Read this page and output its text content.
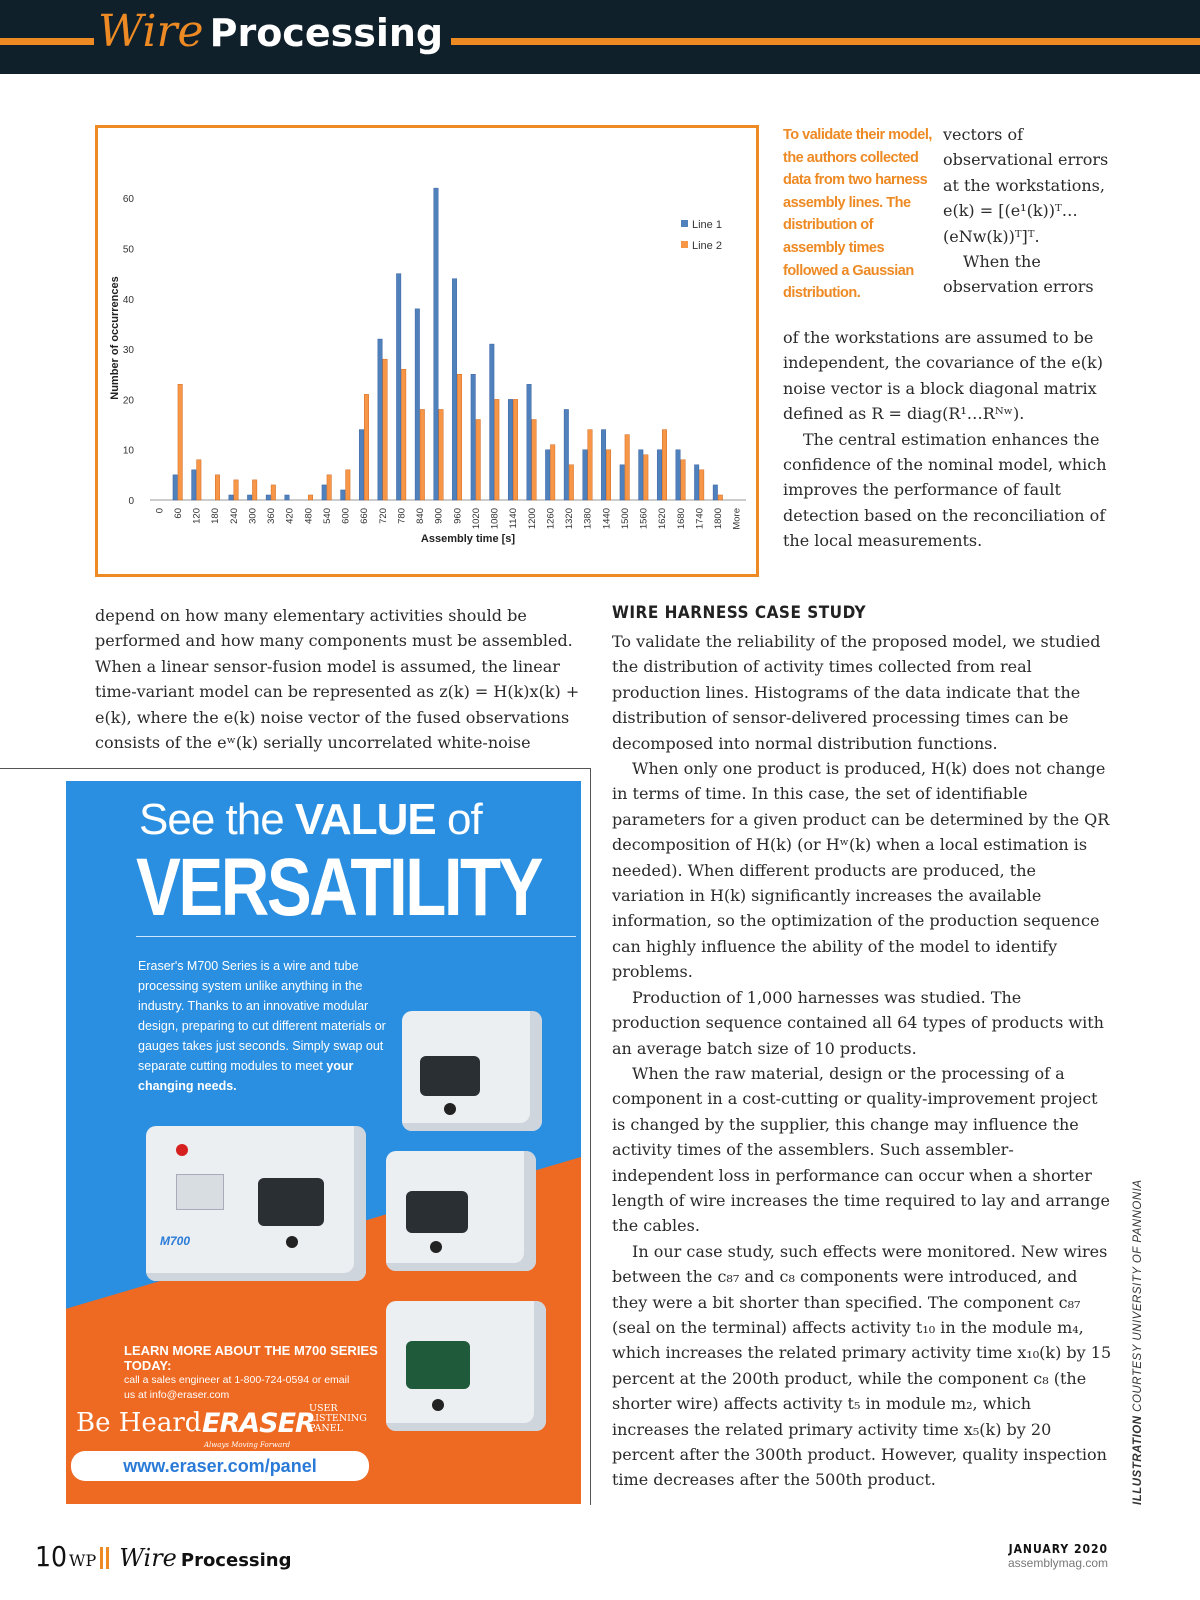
Wire Processing
0
10
20
30
40
50
60
0 60 120 180 240 300 360 420 480 540 600 660 720 780 840 900 960 1020 1080 1140 1200 1260 1320 1380 1440 1500 1560 1620 1680 1740 1800 More
Assembly time [s]
Number of occurrences
Line 1
Line 2
To validate their model, the authors collected data from two harness assembly lines. The distribution of assembly times followed a Gaussian distribution.

vectors of observational errors at the workstations, e(k) = [(e¹(k))ᵀ… (eNw(k))ᵀ]ᵀ.

When the observation errors

of the workstations are assumed to be independent, the covariance of the e(k) noise vector is a block diagonal matrix defined as R = diag(R¹…Rᴺʷ).

The central estimation enhances the confidence of the nominal model, which improves the performance of fault detection based on the reconciliation of the local measurements.

depend on how many elementary activities should be performed and how many components must be assembled. When a linear sensor-fusion model is assumed, the linear time-variant model can be represented as z(k) = H(k)x(k) + e(k), where the e(k) noise vector of the fused observations consists of the eʷ(k) serially uncorrelated white-noise

WIRE HARNESS CASE STUDY

To validate the reliability of the proposed model, we studied the distribution of activity times collected from real production lines. Histograms of the data indicate that the distribution of sensor-delivered processing times can be decomposed into normal distribution functions.

When only one product is produced, H(k) does not change in terms of time. In this case, the set of identifiable parameters for a given product can be determined by the QR decomposition of H(k) (or Hʷ(k) when a local estimation is needed). When different products are produced, the variation in H(k) significantly increases the available information, so the optimization of the production sequence can highly influence the ability of the model to identify problems.

Production of 1,000 harnesses was studied. The production sequence contained all 64 types of products with an average batch size of 10 products.

When the raw material, design or the processing of a component in a cost-cutting or quality-improvement project is changed by the supplier, this change may influence the activity times of the assemblers. Such assembler-independent loss in performance can occur when a shorter length of wire increases the time required to lay and arrange the cables.

In our case study, such effects were monitored. New wires between the c₈₇ and c₈ components were introduced, and they were a bit shorter than specified. The component c₈₇ (seal on the terminal) affects activity t₁₀ in the module m₄, which increases the related primary activity time x₁₀(k) by 15 percent at the 200th product, while the component c₈ (the shorter wire) affects activity t₅ in module m₂, which increases the related primary activity time x₅(k) by 20 percent after the 300th product. However, quality inspection time decreases after the 500th product.

See the VALUE of
VERSATILITY
Eraser's M700 Series is a wire and tube processing system unlike anything in the industry. Thanks to an innovative modular design, preparing to cut different materials or gauges takes just seconds. Simply swap out separate cutting modules to meet your changing needs.
M700
LEARN MORE ABOUT THE M700 SERIES TODAY:
call a sales engineer at 1-800-724-0594 or email
us at info@eraser.com
Be Heard ERASER
Always Moving Forward
USER LISTENING PANEL
www.eraser.com/panel
10 WP Wire Processing
JANUARY 2020
assemblymag.com
ILLUSTRATION COURTESY UNIVERSITY OF PANNONIA
